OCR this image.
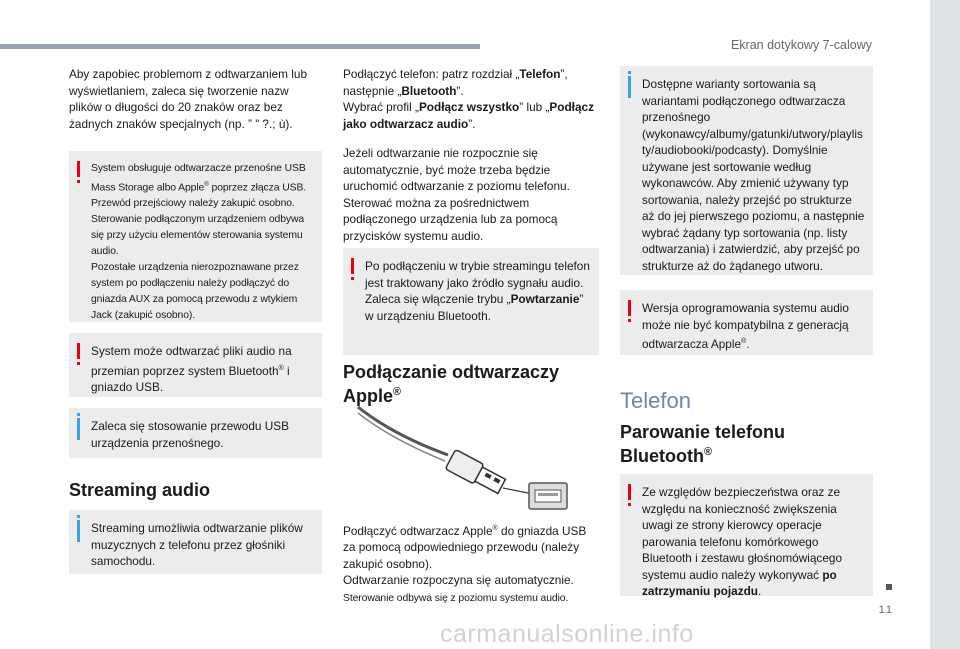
Ekran dotykowy 7-calowy
11
carmanualsonline.info

Aby zapobiec problemom z odtwarzaniem lub wyświetlaniem, zaleca się tworzenie nazw plików o długości do 20 znaków oraz bez żadnych znaków specjalnych (np. ” ” ?.; ù).

System obsługuje odtwarzacze przenośne USB Mass Storage albo Apple® poprzez złącza USB. Przewód przejściowy należy zakupić osobno. Sterowanie podłączonym urządzeniem odbywa się przy użyciu elementów sterowania systemu audio.
Pozostałe urządzenia nierozpoznawane przez system po podłączeniu należy podłączyć do gniazda AUX za pomocą przewodu z wtykiem Jack (zakupić osobno).

System może odtwarzać pliki audio na przemian poprzez system Bluetooth® i gniazdo USB.

Zaleca się stosowanie przewodu USB urządzenia przenośnego.

Streaming audio

Streaming umożliwia odtwarzanie plików muzycznych z telefonu przez głośniki samochodu.

Podłączyć telefon: patrz rozdział „Telefon”, następnie „Bluetooth”.
Wybrać profil „Podłącz wszystko” lub „Podłącz jako odtwarzacz audio”.

Jeżeli odtwarzanie nie rozpocznie się automatycznie, być może trzeba będzie uruchomić odtwarzanie z poziomu telefonu. Sterować można za pośrednictwem podłączonego urządzenia lub za pomocą przycisków systemu audio.

Po podłączeniu w trybie streamingu telefon jest traktowany jako źródło sygnału audio.
Zaleca się włączenie trybu „Powtarzanie” w urządzeniu Bluetooth.

Podłączanie odtwarzaczy
Apple®

Podłączyć odtwarzacz Apple® do gniazda USB za pomocą odpowiedniego przewodu (należy zakupić osobno).
Odtwarzanie rozpoczyna się automatycznie.
Sterowanie odbywa się z poziomu systemu audio.

Dostępne warianty sortowania są wariantami podłączonego odtwarzacza przenośnego (wykonawcy/albumy/gatunki/utwory/playlisty/audiobooki/podcasty). Domyślnie używane jest sortowanie według wykonawców. Aby zmienić używany typ sortowania, należy przejść po strukturze aż do jej pierwszego poziomu, a następnie wybrać żądany typ sortowania (np. listy odtwarzania) i zatwierdzić, aby przejść po strukturze aż do żądanego utworu.

Wersja oprogramowania systemu audio może nie być kompatybilna z generacją odtwarzacza Apple®.

Telefon
Parowanie telefonu
Bluetooth®

Ze względów bezpieczeństwa oraz ze względu na konieczność zwiększenia uwagi ze strony kierowcy operacje parowania telefonu komórkowego Bluetooth i zestawu głośnomówiącego systemu audio należy wykonywać po zatrzymaniu pojazdu.
